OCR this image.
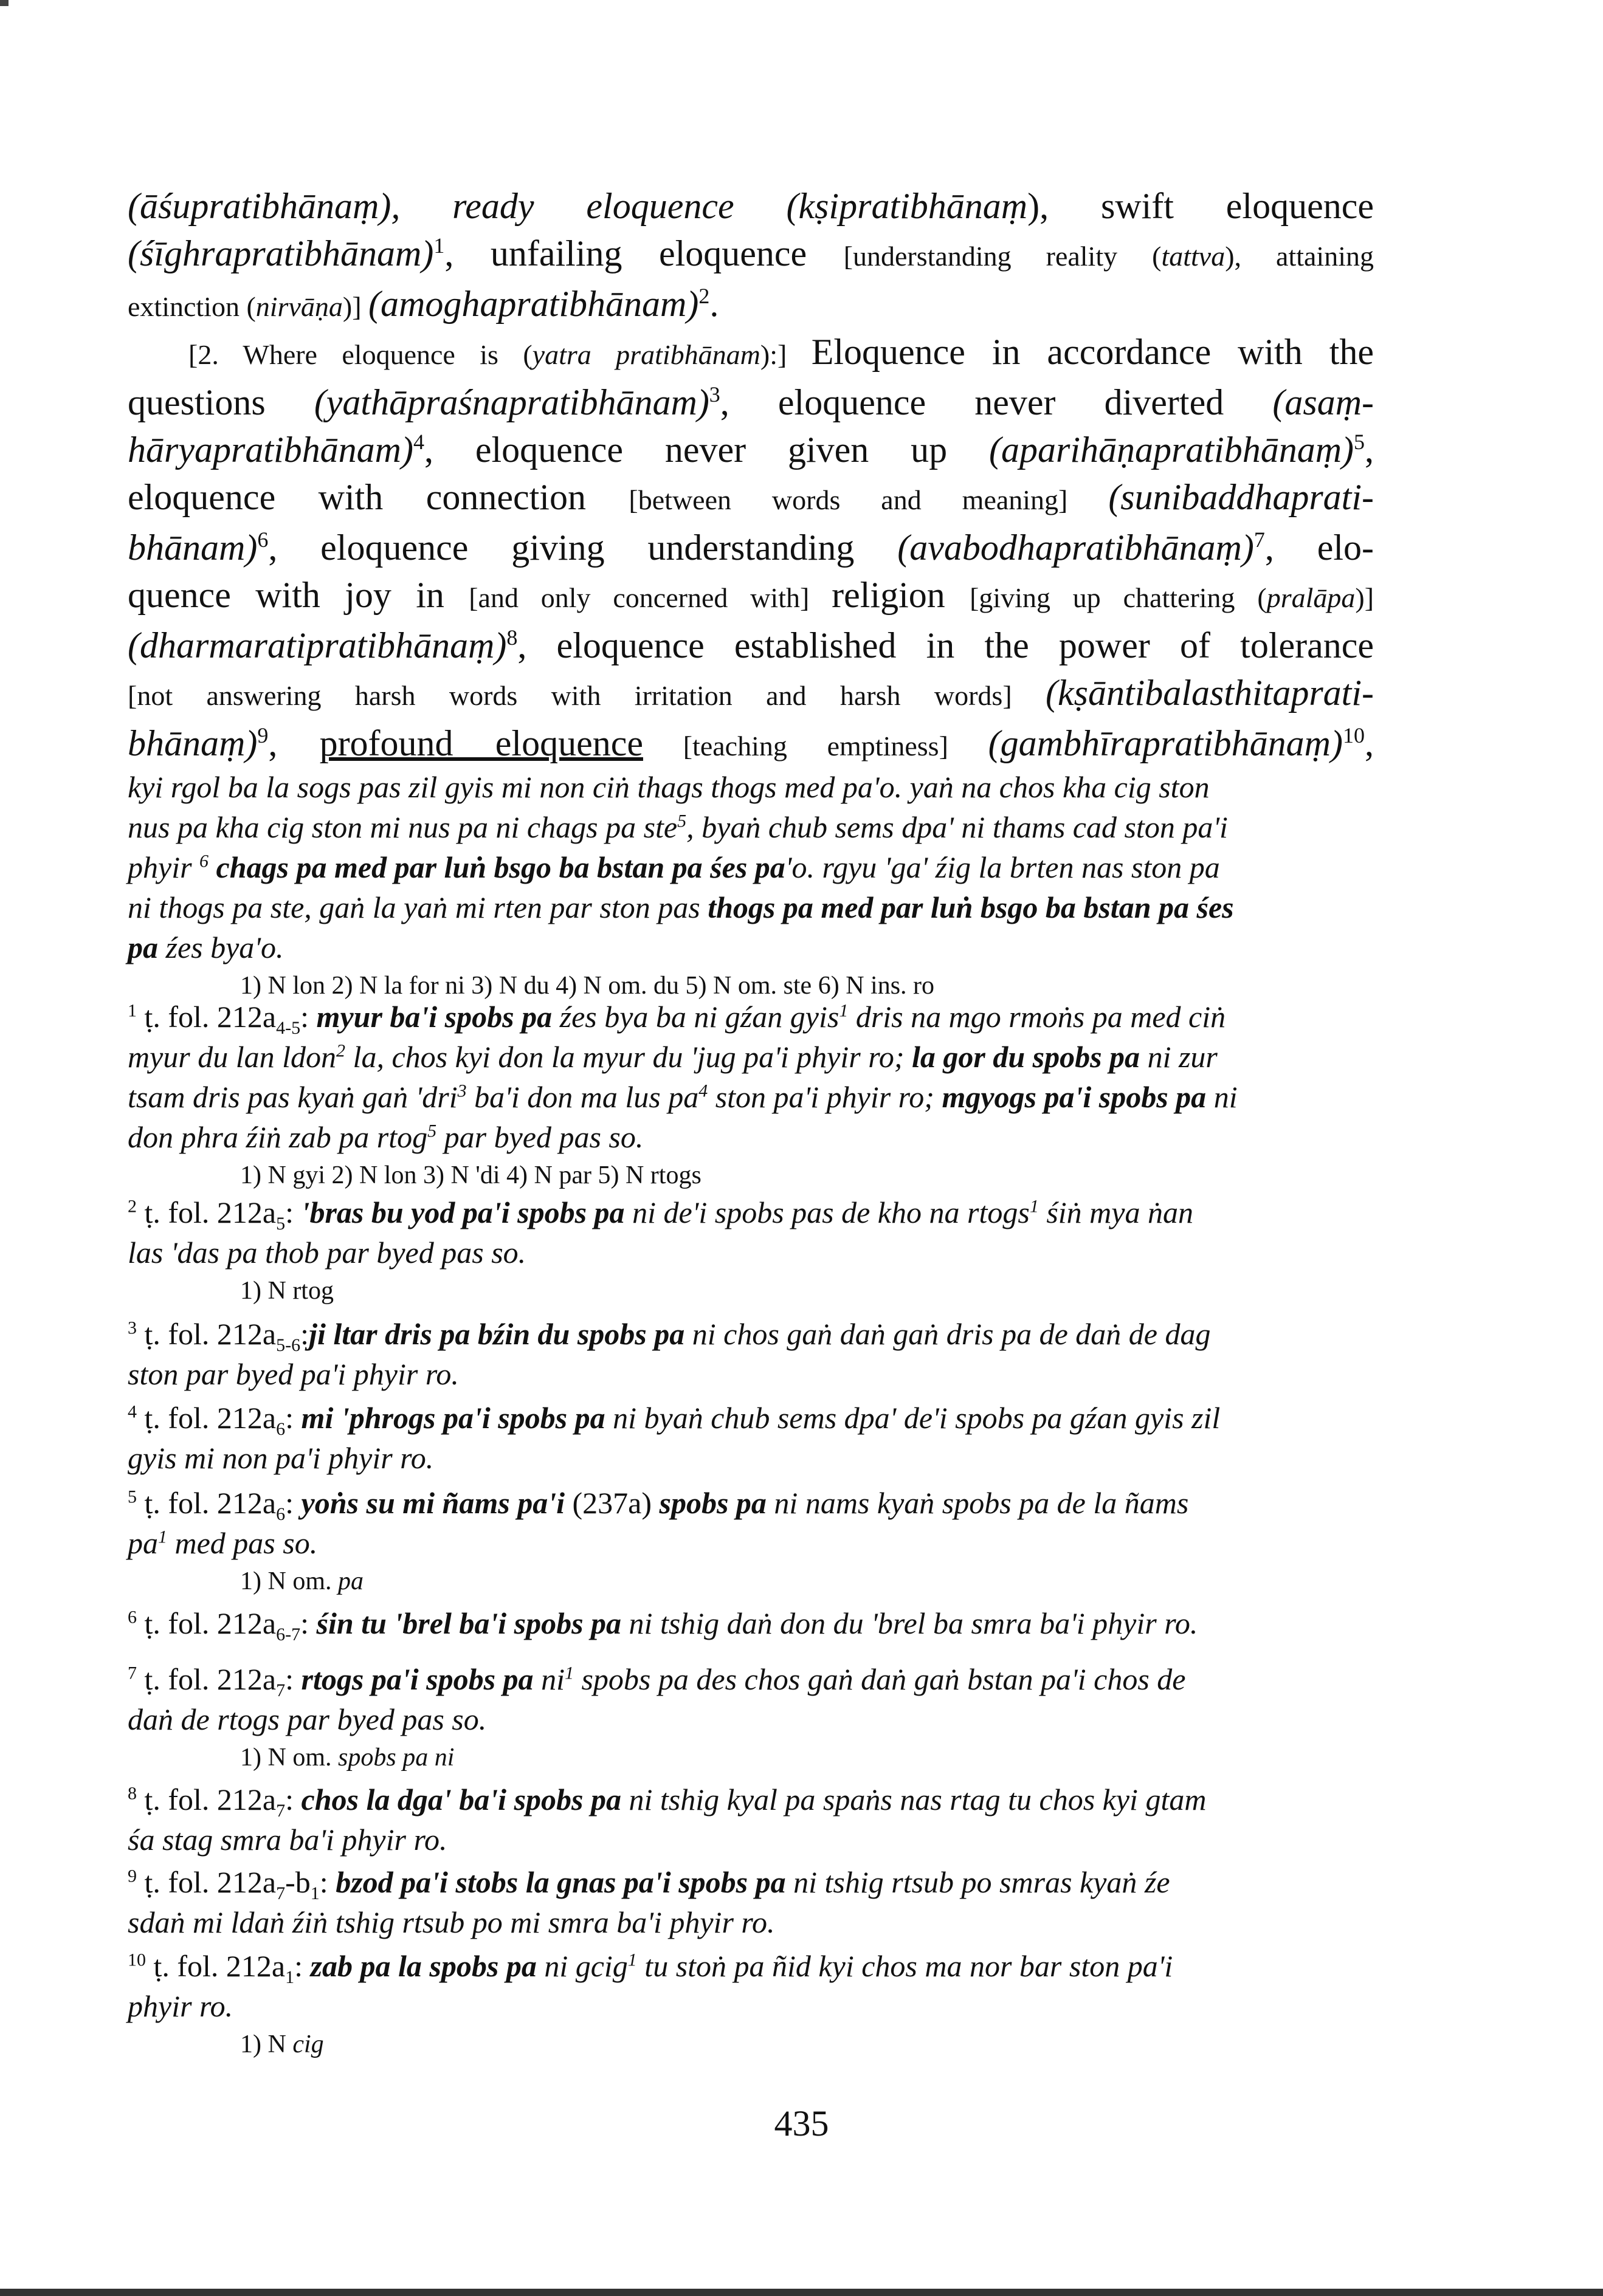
(āśupratibhānaṃ), ready eloquence (kṣipratibhānaṃ), swift eloquence
(śīghrapratibhānam)$^1$, unfailing eloquence [understanding reality (tattva), attaining
extinction (nirvāṇa)] (amoghapratibhānam)$^2$.
[2. Where eloquence is (yatra pratibhānam):] Eloquence in accordance with the
questions (yathāpraśnapratibhānam)$^3$, eloquence never diverted (asaṃ-
hāryapratibhānam)$^4$, eloquence never given up (aparihāṇapratibhānaṃ)$^5$,
eloquence with connection [between words and meaning] (sunibaddhaprati-
bhānam)$^6$, eloquence giving understanding (avabodhapratibhānaṃ)$^7$, elo-
quence with joy in [and only concerned with] religion [giving up chattering (pralāpa)]
(dharmaratipratibhānaṃ)$^8$, eloquence established in the power of tolerance
[not answering harsh words with irritation and harsh words] (kṣāntibalasthitaprati-
bhānaṃ)$^9$, profound eloquence [teaching emptiness] (gambhīrapratibhānaṃ)$^{10}$,
kyi rgol ba la sogs pas zil gyis mi non ciṅ thags thogs med pa'o. yaṅ na chos kha cig ston
nus pa kha cig ston mi nus pa ni chags pa ste$^5$, byaṅ chub sems dpa' ni thams cad ston pa'i
phyir $^6$ chags pa med par luṅ bsgo ba bstan pa śes pa'o. rgyu 'ga' źig la brten nas ston pa
ni thogs pa ste, gaṅ la yaṅ mi rten par ston pas thogs pa med par luṅ bsgo ba bstan pa śes
pa źes bya'o.
1) N lon 2) N la for ni 3) N du 4) N om. du 5) N om. ste 6) N ins. ro
$^1$ ṭ. fol. $212a_{4-5}$: myur ba'i spobs pa źes bya ba ni gźan gyis$^1$ dris na mgo rmoṅs pa med ciṅ
myur du lan ldon$^2$ la, chos kyi don la myur du 'jug pa'i phyir ro; la gor du spobs pa ni zur
tsam dris pas kyaṅ gaṅ 'dri$^3$ ba'i don ma lus $pa^4$ ston pa'i phyir ro; mgyogs pa'i spobs pa ni
don phra źiṅ zab pa rtog$^5$ par byed pas so.
1) N gyi 2) N lon 3) N 'di 4) N par 5) N rtogs
$^2$ ṭ. fol. $212a_5$: 'bras bu yod pa'i spobs pa ni de'i spobs pas de kho na rtogs$^1$ śiṅ mya ṅan
las 'das pa thob par byed pas so.
1) N rtog
$^3$ ṭ. fol. $212a_{5-6}:ji$ ltar dris pa bźin du spobs pa ni chos gaṅ daṅ gaṅ dris pa de daṅ de dag
ston par byed pa'i phyir ro.
$^4$ ṭ. fol. $212a_6$: mi 'phrogs pa'i spobs pa ni byaṅ chub sems dpa' de'i spobs pa gźan gyis zil
gyis mi non pa'i phyir ro.
$^5$ ṭ. fol. $212a_6$: yoṅs su mi ñams pa'i (237a) spobs pa ni nams kyaṅ spobs pa de la ñams
$pa^1$ med pas so.
1) N om. pa
$^6$ ṭ. fol. $212a_{6-7}$: śin tu 'brel ba'i spobs pa ni tshig daṅ don du 'brel ba smra ba'i phyir ro.
$^7$ ṭ. fol. $212a_7$: rtogs pa'i spobs pa $ni^1$ spobs pa des chos gaṅ daṅ gaṅ bstan pa'i chos de
daṅ de rtogs par byed pas so.
1) N om. spobs pa ni
$^8$ ṭ. fol. $212a_7$: chos la dga' ba'i spobs pa ni tshig kyal pa spaṅs nas rtag tu chos kyi gtam
śa stag smra ba'i phyir ro.
$^9$ ṭ. fol. $212a_7-b_1$: bzod pa'i stobs la gnas pa'i spobs pa ni tshig rtsub po smras kyaṅ źe
sdaṅ mi ldaṅ źiṅ tshig rtsub po mi smra ba'i phyir ro.
$^{10}$ ṭ. fol. $212a_1$: zab pa la spobs pa ni gcig$^1$ tu stoṅ pa ñid kyi chos ma nor bar ston pa'i
phyir ro.
1) N cig
435
